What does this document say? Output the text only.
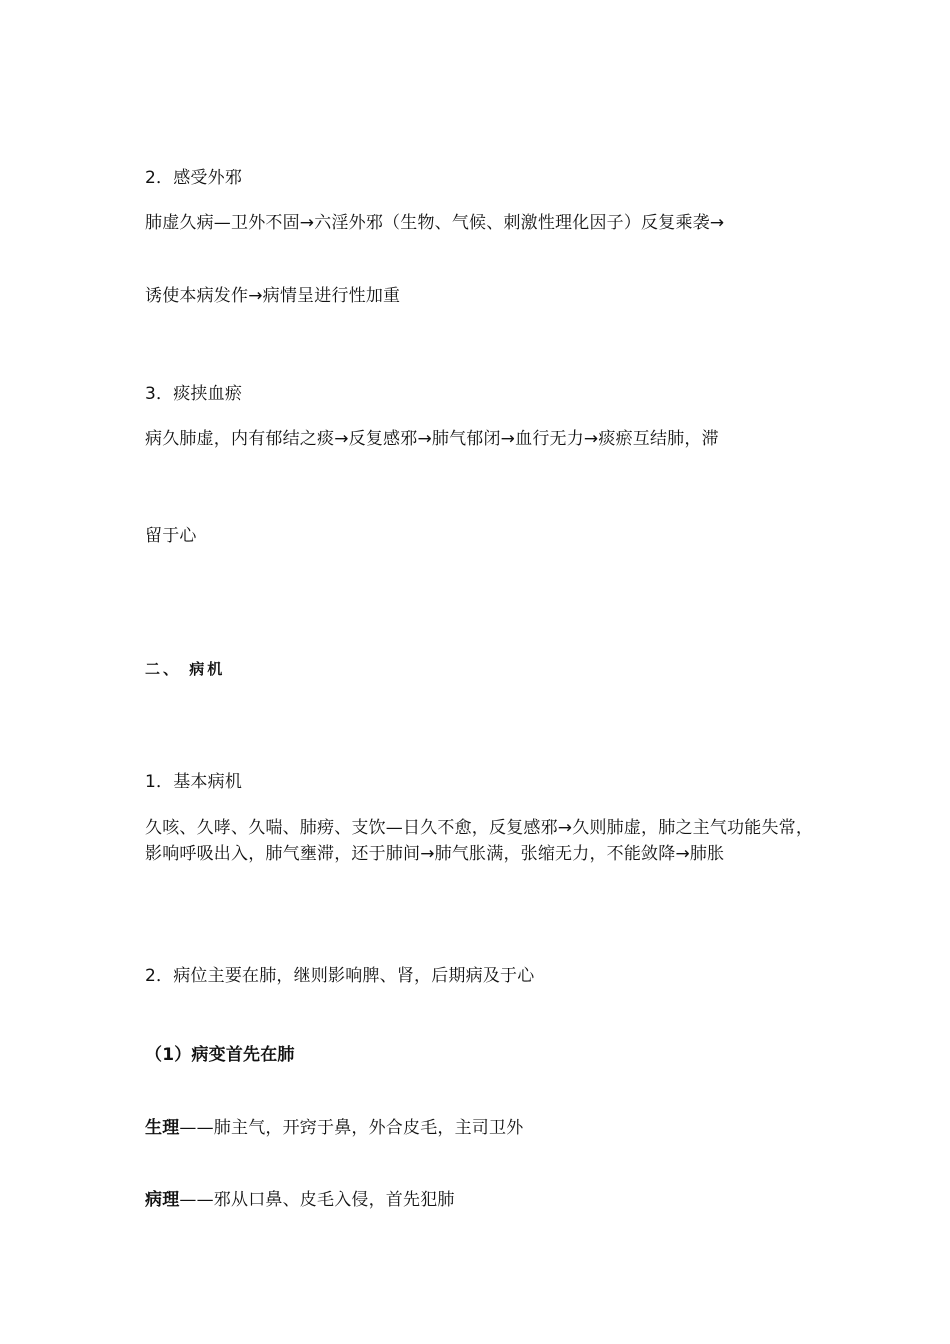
2．感受外邪

肺虚久病—卫外不固→六淫外邪（生物、气候、刺激性理化因子）反复乘袭→

诱使本病发作→病情呈进行性加重

3．痰挟血瘀

病久肺虚，内有郁结之痰→反复感邪→肺气郁闭→血行无力→痰瘀互结肺，滞

留于心

二、 病机

1．基本病机

久咳、久哮、久喘、肺痨、支饮—日久不愈，反复感邪→久则肺虚，肺之主气功能失常，影响呼吸出入，肺气壅滞，还于肺间→肺气胀满，张缩无力，不能敛降→肺胀

2．病位主要在肺，继则影响脾、肾，后期病及于心

（1）病变首先在肺

生理——肺主气，开窍于鼻，外合皮毛，主司卫外

病理——邪从口鼻、皮毛入侵，首先犯肺
